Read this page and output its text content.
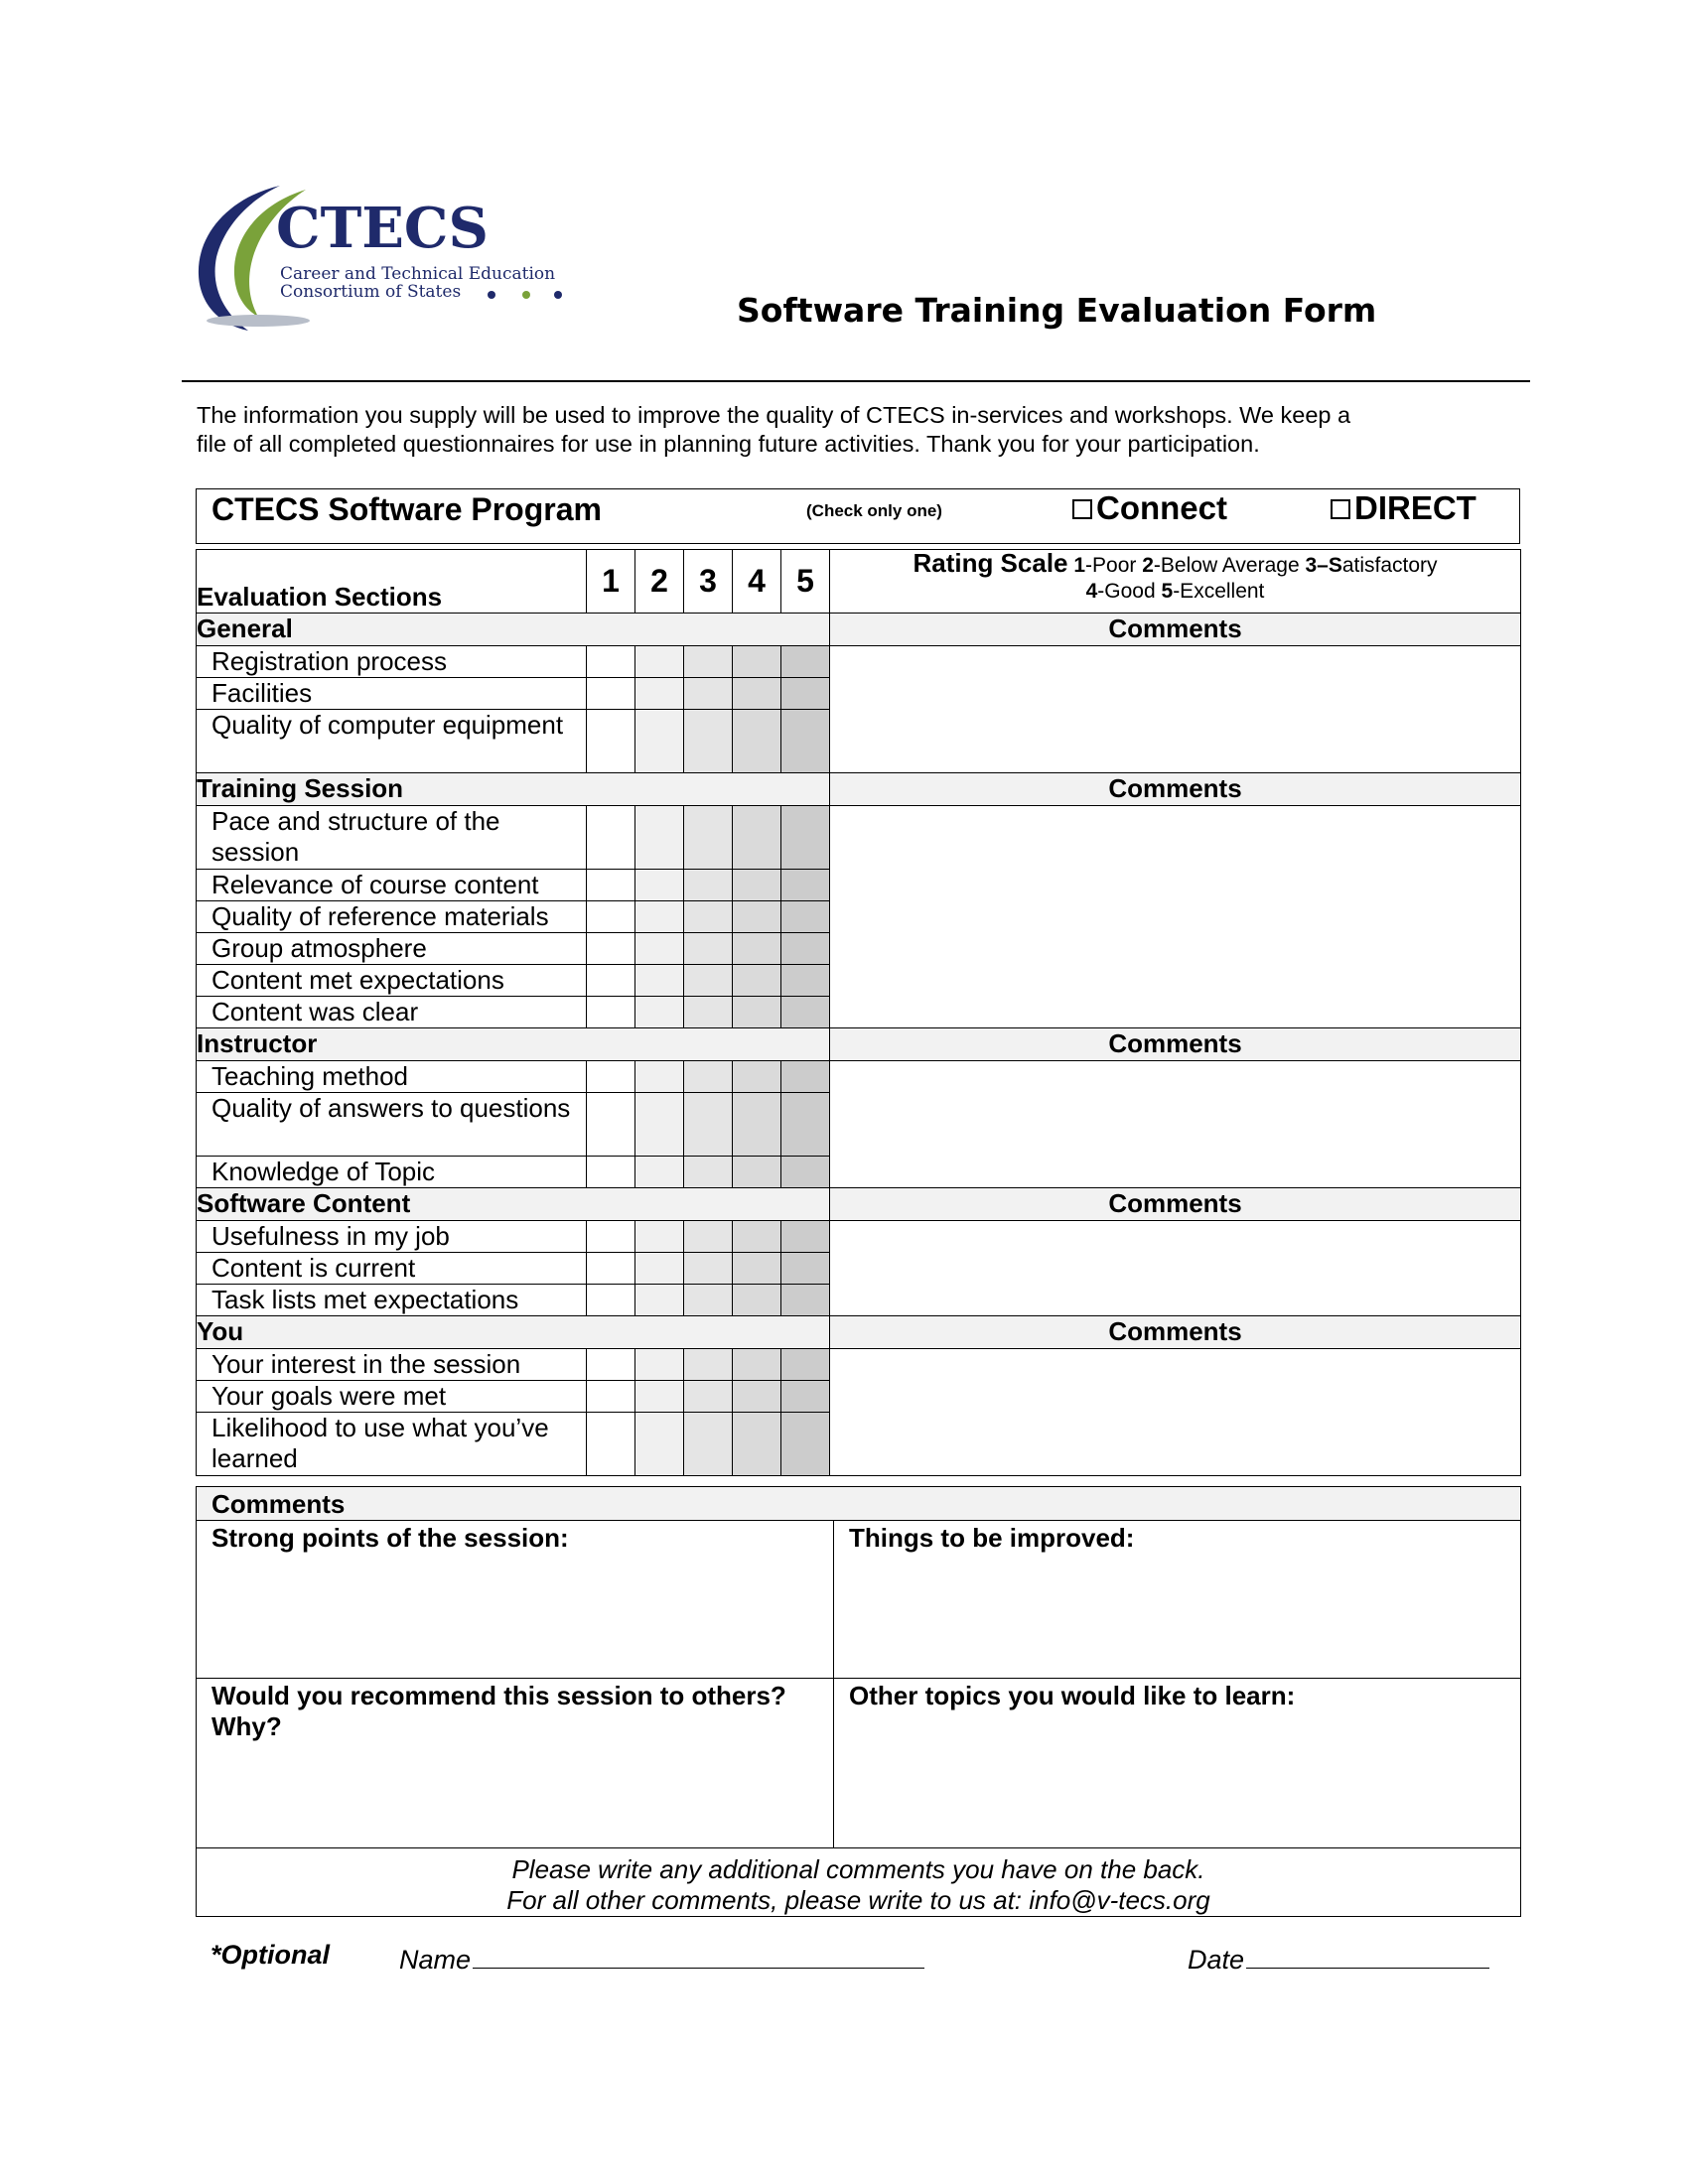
CTECS
Career and Technical Education
Consortium of States	Software Training Evaluation Form
The information you supply will be used to improve the quality of CTECS in-services and workshops. We keep a
file of all completed questionnaires for use in planning future activities. Thank you for your participation.
CTECS Software Program	(Check only one)	Connect	DIRECT
Evaluation Sections	1	2	3	4	5	Rating Scale 1-Poor 2-Below Average 3–Satisfactory
4-Good 5-Excellent

General						Comments
Registration process						
Facilities						
Quality of computer equipment						
Training Session						Comments
Pace and structure of the session						
Relevance of course content						
Quality of reference materials						
Group atmosphere						
Content met expectations						
Content was clear						
Instructor						Comments
Teaching method						
Quality of answers to questions						
Knowledge of Topic						
Software Content						Comments
Usefulness in my job						
Content is current						
Task lists met expectations						
You						Comments
Your interest in the session						
Your goals were met						
Likelihood to use what you’ve learned						
Comments	
Strong points of the session:	Things to be improved:
Would you recommend this session to others? Why?	Other topics you would like to learn:

Please write any additional comments you have on the back.
For all other comments, please write to us at: info@v-tecs.org	
*Optional	Name	Date
